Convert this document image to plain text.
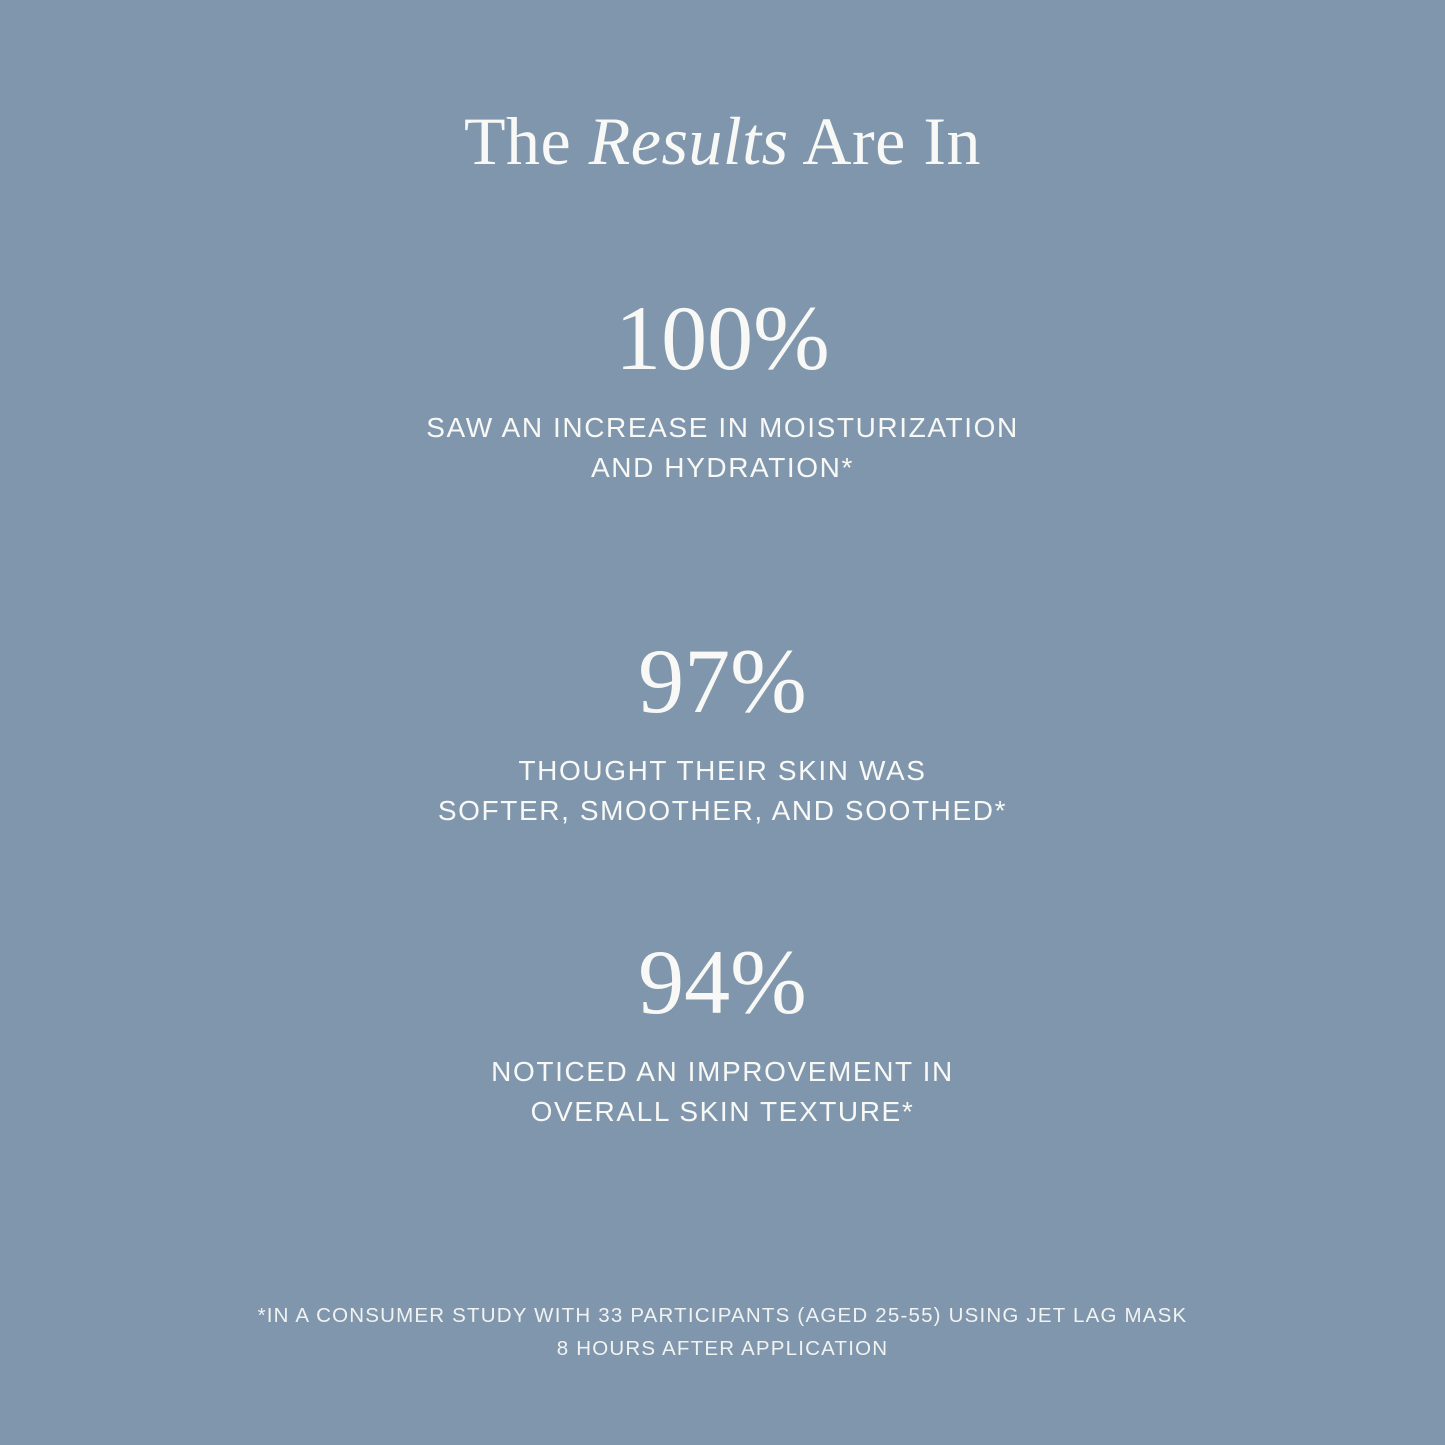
The Results Are In
100%
SAW AN INCREASE IN MOISTURIZATION
AND HYDRATION*
97%
THOUGHT THEIR SKIN WAS
SOFTER, SMOOTHER, AND SOOTHED*
94%
NOTICED AN IMPROVEMENT IN
OVERALL SKIN TEXTURE*
*IN A CONSUMER STUDY WITH 33 PARTICIPANTS (AGED 25-55) USING JET LAG MASK
8 HOURS AFTER APPLICATION
